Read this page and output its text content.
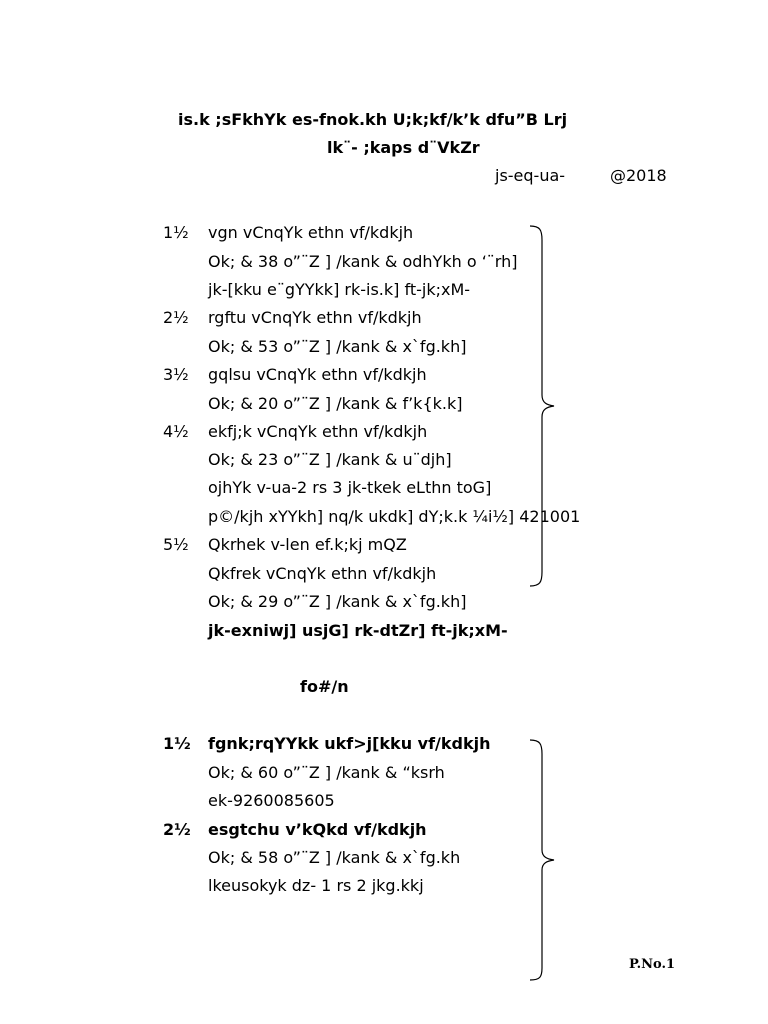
is.k ;sFkhYk es-fnok.kh U;k;kf/k’k dfu”B Lrj
lk¨- ;kaps d¨VkZr
js-eq-ua-	@2018
1½ vgn vCnqYk ethn vf/kdkjh
Ok; & 38 o”¨Z ] /kank & odhYkh o ‘¨rh]
jk-[kku e¨gYYkk] rk-is.k] ft-jk;xM-
2½ rgftu vCnqYk ethn vf/kdkjh
Ok; & 53 o”¨Z ] /kank & x`fg.kh]
3½ gqlsu vCnqYk ethn vf/kdkjh
Ok; & 20 o”¨Z ] /kank & f’k{k.k]
4½ ekfj;k vCnqYk ethn vf/kdkjh
Ok; & 23 o”¨Z ] /kank & u¨djh]
ojhYk v-ua-2 rs 3 jk-tkek eLthn toG]
p©/kjh xYYkh] nq/k ukdk] dY;k.k ¼i½] 421001
5½ Qkrhek v-len ef.k;kj mQZ
Qkfrek vCnqYk ethn vf/kdkjh
Ok; & 29 o”¨Z ] /kank & x`fg.kh]
jk-exniwj] usjG] rk-dtZr] ft-jk;xM-
fo#/n
1½ fgnk;rqYYkk ukf>j[kku vf/kdkjh
Ok; & 60 o”¨Z ] /kank & “ksrh
ek-9260085605
2½ esgtchu v’kQkd vf/kdkjh
Ok; & 58 o”¨Z ] /kank & x`fg.kh
lkeusokyk dz- 1 rs 2 jkg.kkj
P.No.1
